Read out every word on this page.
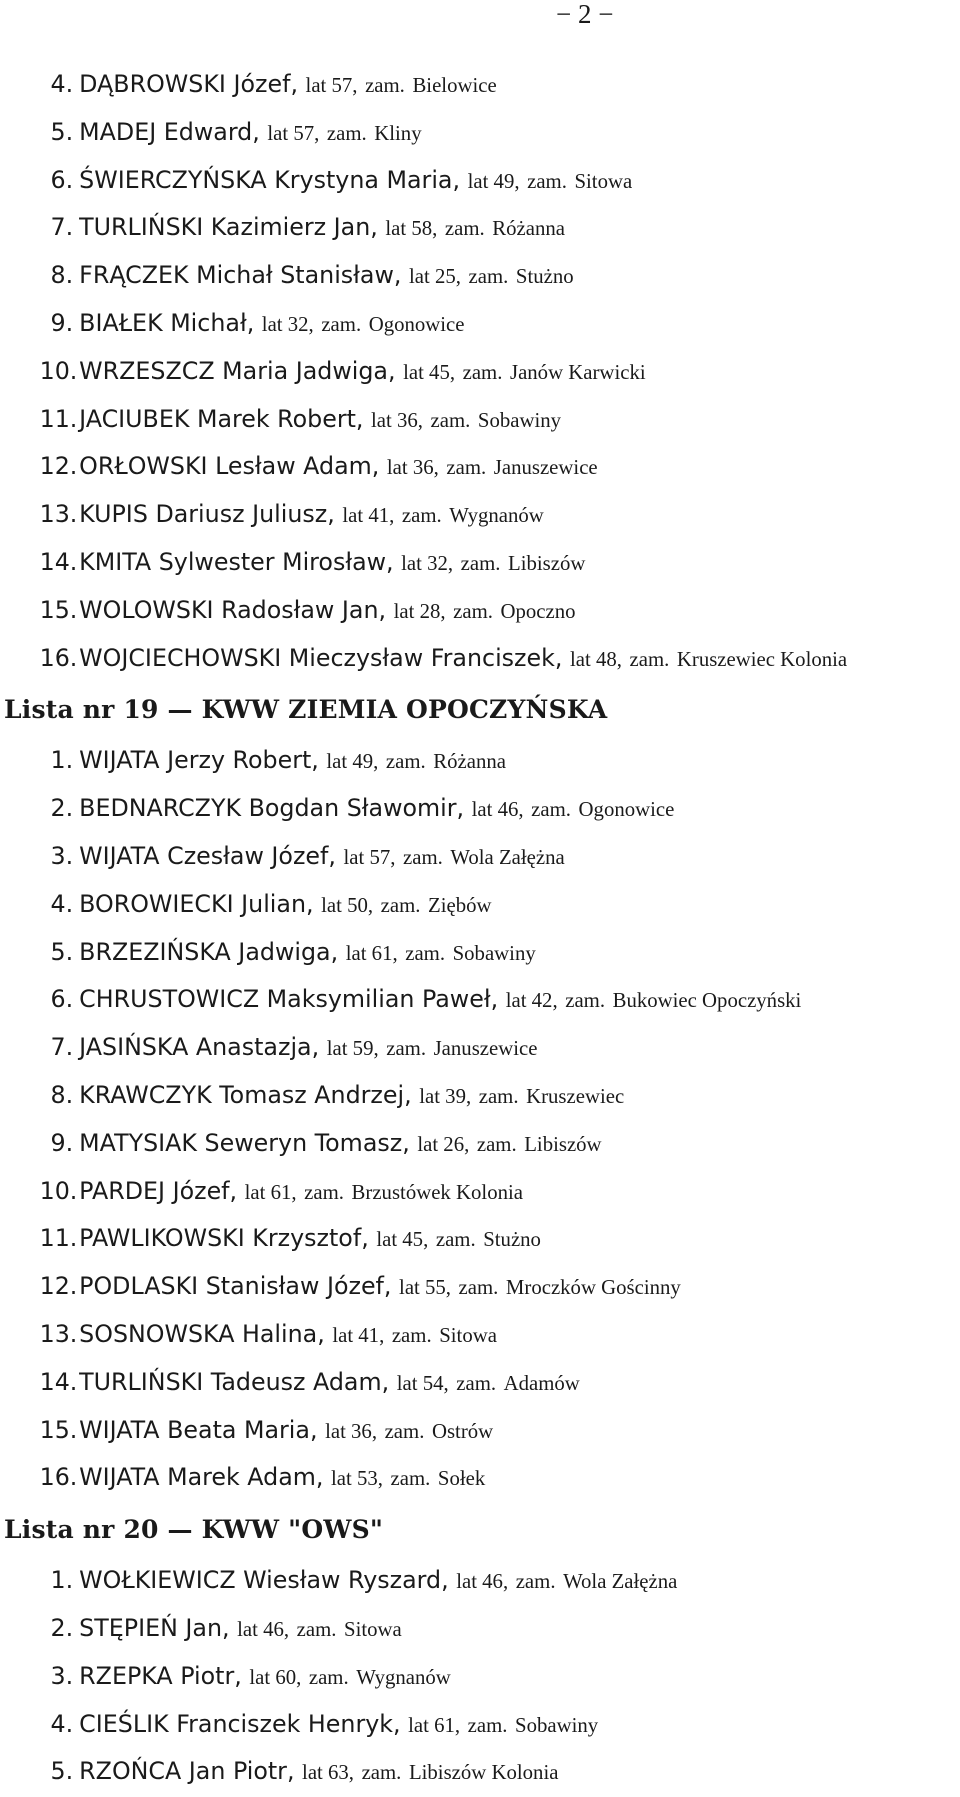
− 2 −
4. DĄBROWSKI Józef, lat 57, zam. Bielowice
5. MADEJ Edward, lat 57, zam. Kliny
6. ŚWIERCZYŃSKA Krystyna Maria, lat 49, zam. Sitowa
7. TURLIŃSKI Kazimierz Jan, lat 58, zam. Różanna
8. FRĄCZEK Michał Stanisław, lat 25, zam. Stużno
9. BIAŁEK Michał, lat 32, zam. Ogonowice
10.WRZESZCZ Maria Jadwiga, lat 45, zam. Janów Karwicki
11.JACIUBEK Marek Robert, lat 36, zam. Sobawiny
12.ORŁOWSKI Lesław Adam, lat 36, zam. Januszewice
13.KUPIS Dariusz Juliusz, lat 41, zam. Wygnanów
14.KMITA Sylwester Mirosław, lat 32, zam. Libiszów
15.WOLOWSKI Radosław Jan, lat 28, zam. Opoczno
16.WOJCIECHOWSKI Mieczysław Franciszek, lat 48, zam. Kruszewiec Kolonia
Lista nr 19 — KWW ZIEMIA OPOCZYŃSKA
1. WIJATA Jerzy Robert, lat 49, zam. Różanna
2. BEDNARCZYK Bogdan Sławomir, lat 46, zam. Ogonowice
3. WIJATA Czesław Józef, lat 57, zam. Wola Załężna
4. BOROWIECKI Julian, lat 50, zam. Ziębów
5. BRZEZIŃSKA Jadwiga, lat 61, zam. Sobawiny
6. CHRUSTOWICZ Maksymilian Paweł, lat 42, zam. Bukowiec Opoczyński
7. JASIŃSKA Anastazja, lat 59, zam. Januszewice
8. KRAWCZYK Tomasz Andrzej, lat 39, zam. Kruszewiec
9. MATYSIAK Seweryn Tomasz, lat 26, zam. Libiszów
10.PARDEJ Józef, lat 61, zam. Brzustówek Kolonia
11.PAWLIKOWSKI Krzysztof, lat 45, zam. Stużno
12.PODLASKI Stanisław Józef, lat 55, zam. Mroczków Gościnny
13.SOSNOWSKA Halina, lat 41, zam. Sitowa
14.TURLIŃSKI Tadeusz Adam, lat 54, zam. Adamów
15.WIJATA Beata Maria, lat 36, zam. Ostrów
16.WIJATA Marek Adam, lat 53, zam. Sołek
Lista nr 20 — KWW "OWS"
1. WOŁKIEWICZ Wiesław Ryszard, lat 46, zam. Wola Załężna
2. STĘPIEŃ Jan, lat 46, zam. Sitowa
3. RZEPKA Piotr, lat 60, zam. Wygnanów
4. CIEŚLIK Franciszek Henryk, lat 61, zam. Sobawiny
5. RZOŃCA Jan Piotr, lat 63, zam. Libiszów Kolonia
